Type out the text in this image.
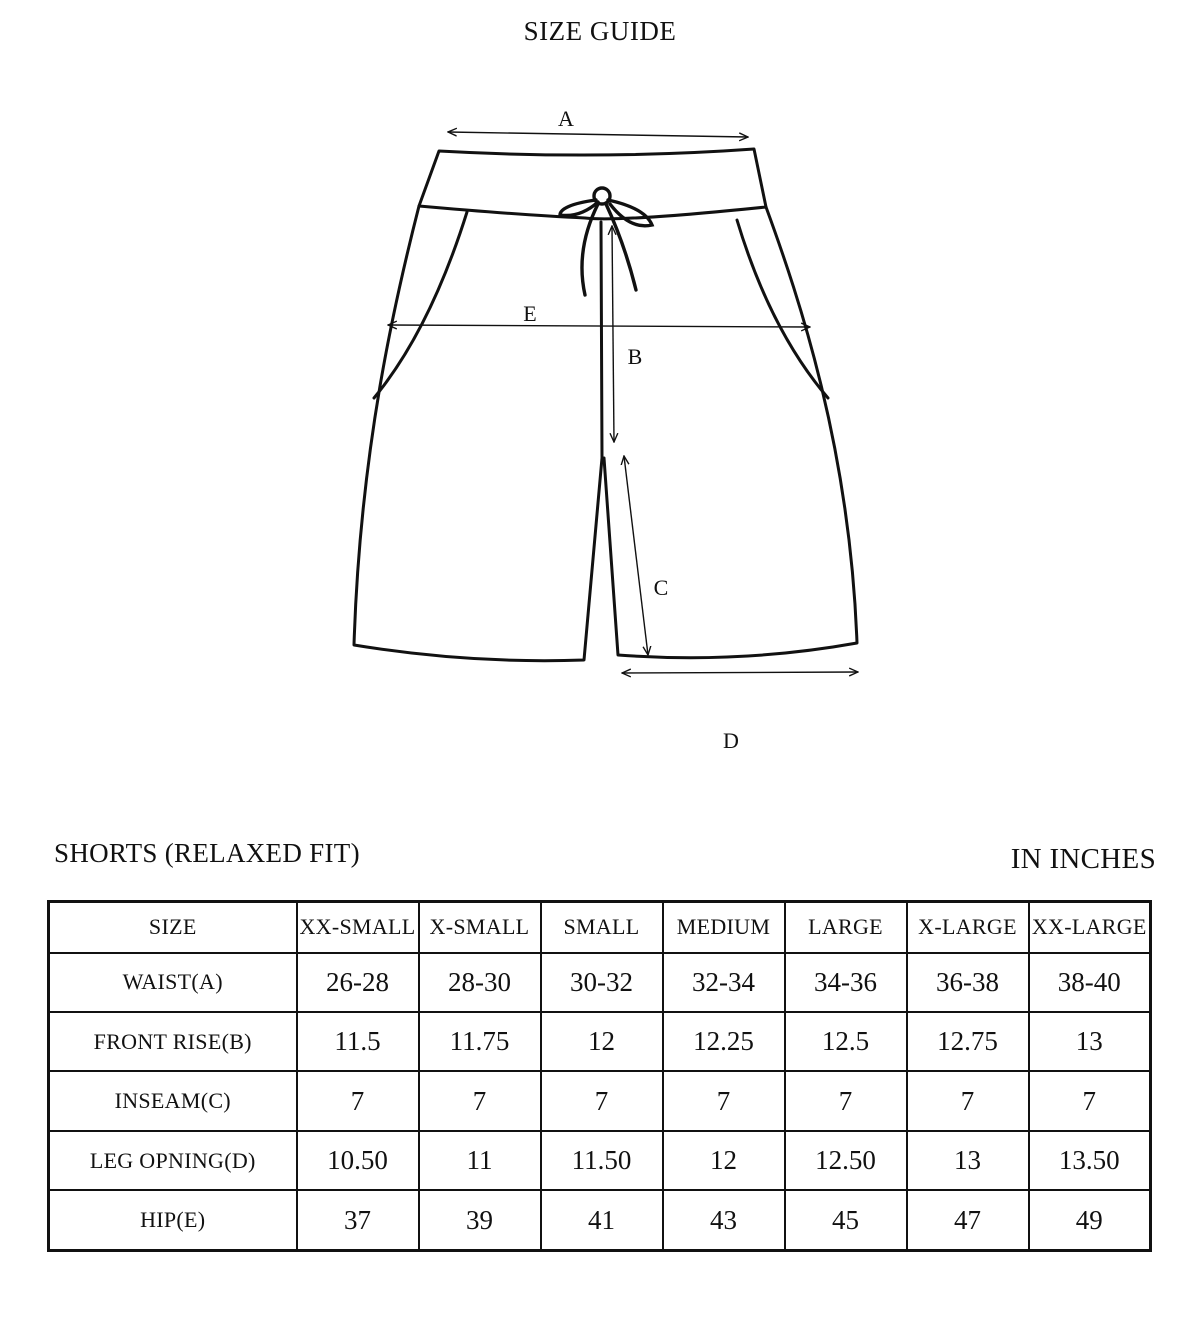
SIZE GUIDE
A
E
B
C
D
SHORTS (RELAXED FIT)	IN INCHES
SIZE	XX-SMALL	X-SMALL	SMALL	MEDIUM	LARGE	X-LARGE	XX-LARGE
WAIST(A)	26-28	28-30	30-32	32-34	34-36	36-38	38-40
FRONT RISE(B)	11.5	11.75	12	12.25	12.5	12.75	13
INSEAM(C)	7	7	7	7	7	7	7
LEG OPNING(D)	10.50	11	11.50	12	12.50	13	13.50
HIP(E)	37	39	41	43	45	47	49
